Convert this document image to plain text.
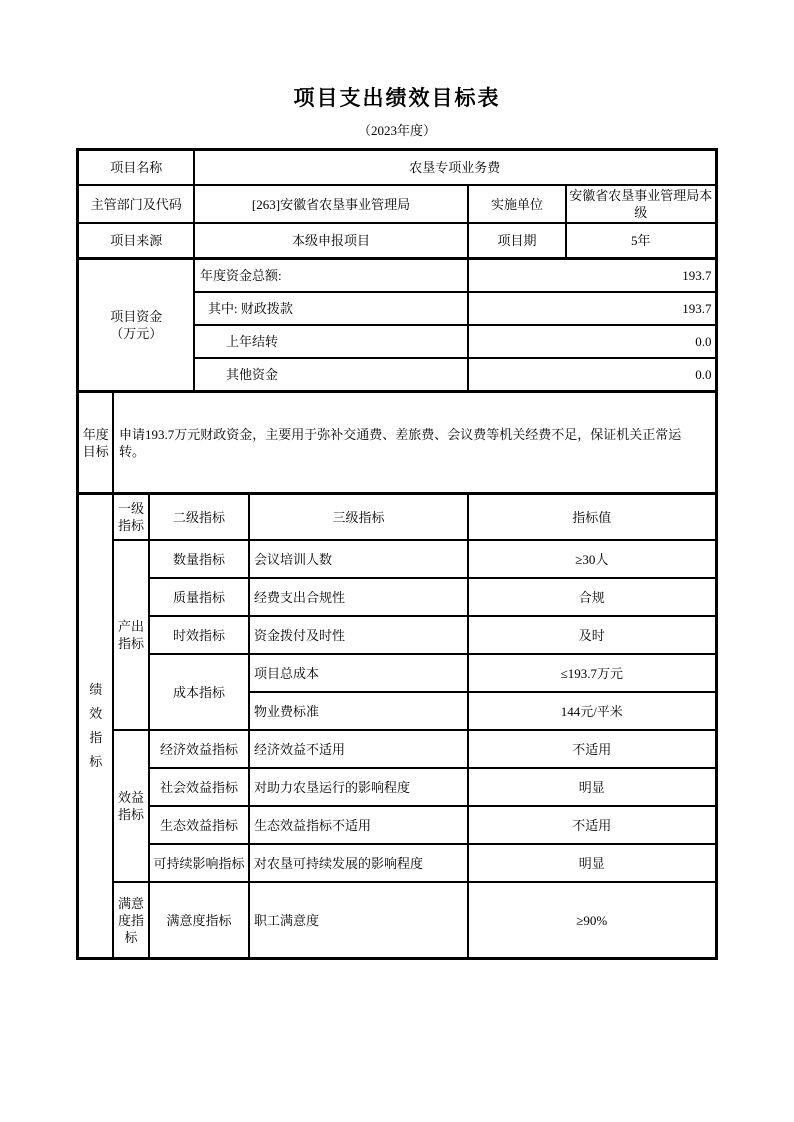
项目支出绩效目标表
（2023年度）
项目名称			农垦专项业务费			
主管部门及代码			[263]安徽省农垦事业管理局		实施单位	安徽省农垦事业管理局本级
项目来源			本级申报项目		项目期	5年

项目资金
（万元）			年度资金总额:		193.7	
			其中: 财政拨款		193.7	
			上年结转		0.0	
			其他资金		0.0	
年度目标	申请193.7万元财政资金，主要用于弥补交通费、差旅费、会议费等机关经费不足，保证机关正常运转。					
绩效指标	一级指标	二级指标		三级指标	指标值	
	产出指标	数量指标		会议培训人数	≥30人	
		质量指标		经费支出合规性	合规	
		时效指标		资金拨付及时性	及时	
		成本指标		项目总成本	≤193.7万元	
				物业费标准	144元/平米	
	效益指标	经济效益指标		经济效益不适用	不适用	
		社会效益指标		对助力农垦运行的影响程度	明显	
		生态效益指标		生态效益指标不适用	不适用	
		可持续影响指标		对农垦可持续发展的影响程度	明显	
	满意度指标	满意度指标		职工满意度	≥90%	
